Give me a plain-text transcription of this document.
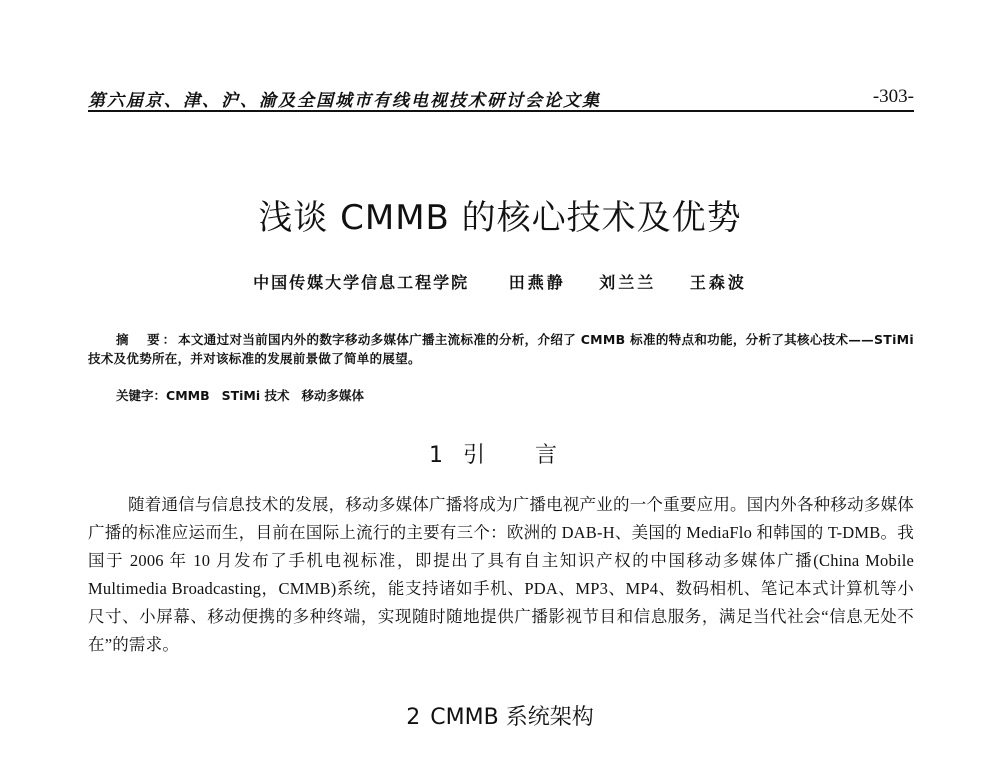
第六届京、津、沪、渝及全国城市有线电视技术研讨会论文集	-303-
浅谈 CMMB 的核心技术及优势
中国传媒大学信息工程学院 田燕静 刘兰兰 王森波
摘　要：本文通过对当前国内外的数字移动多媒体广播主流标准的分析，介绍了 CMMB 标准的特点和功能，分析了其核心技术——STiMi 技术及优势所在，并对该标准的发展前景做了简单的展望。
关键字：CMMB STiMi 技术 移动多媒体
1 引　言
随着通信与信息技术的发展，移动多媒体广播将成为广播电视产业的一个重要应用。国内外各种移动多媒体广播的标准应运而生，目前在国际上流行的主要有三个：欧洲的 DAB-H、美国的 MediaFlo 和韩国的 T-DMB。我国于 2006 年 10 月发布了手机电视标准，即提出了具有自主知识产权的中国移动多媒体广播(China Mobile Multimedia Broadcasting，CMMB)系统，能支持诸如手机、PDA、MP3、MP4、数码相机、笔记本式计算机等小尺寸、小屏幕、移动便携的多种终端，实现随时随地提供广播影视节目和信息服务，满足当代社会“信息无处不在”的需求。
2 CMMB 系统架构
